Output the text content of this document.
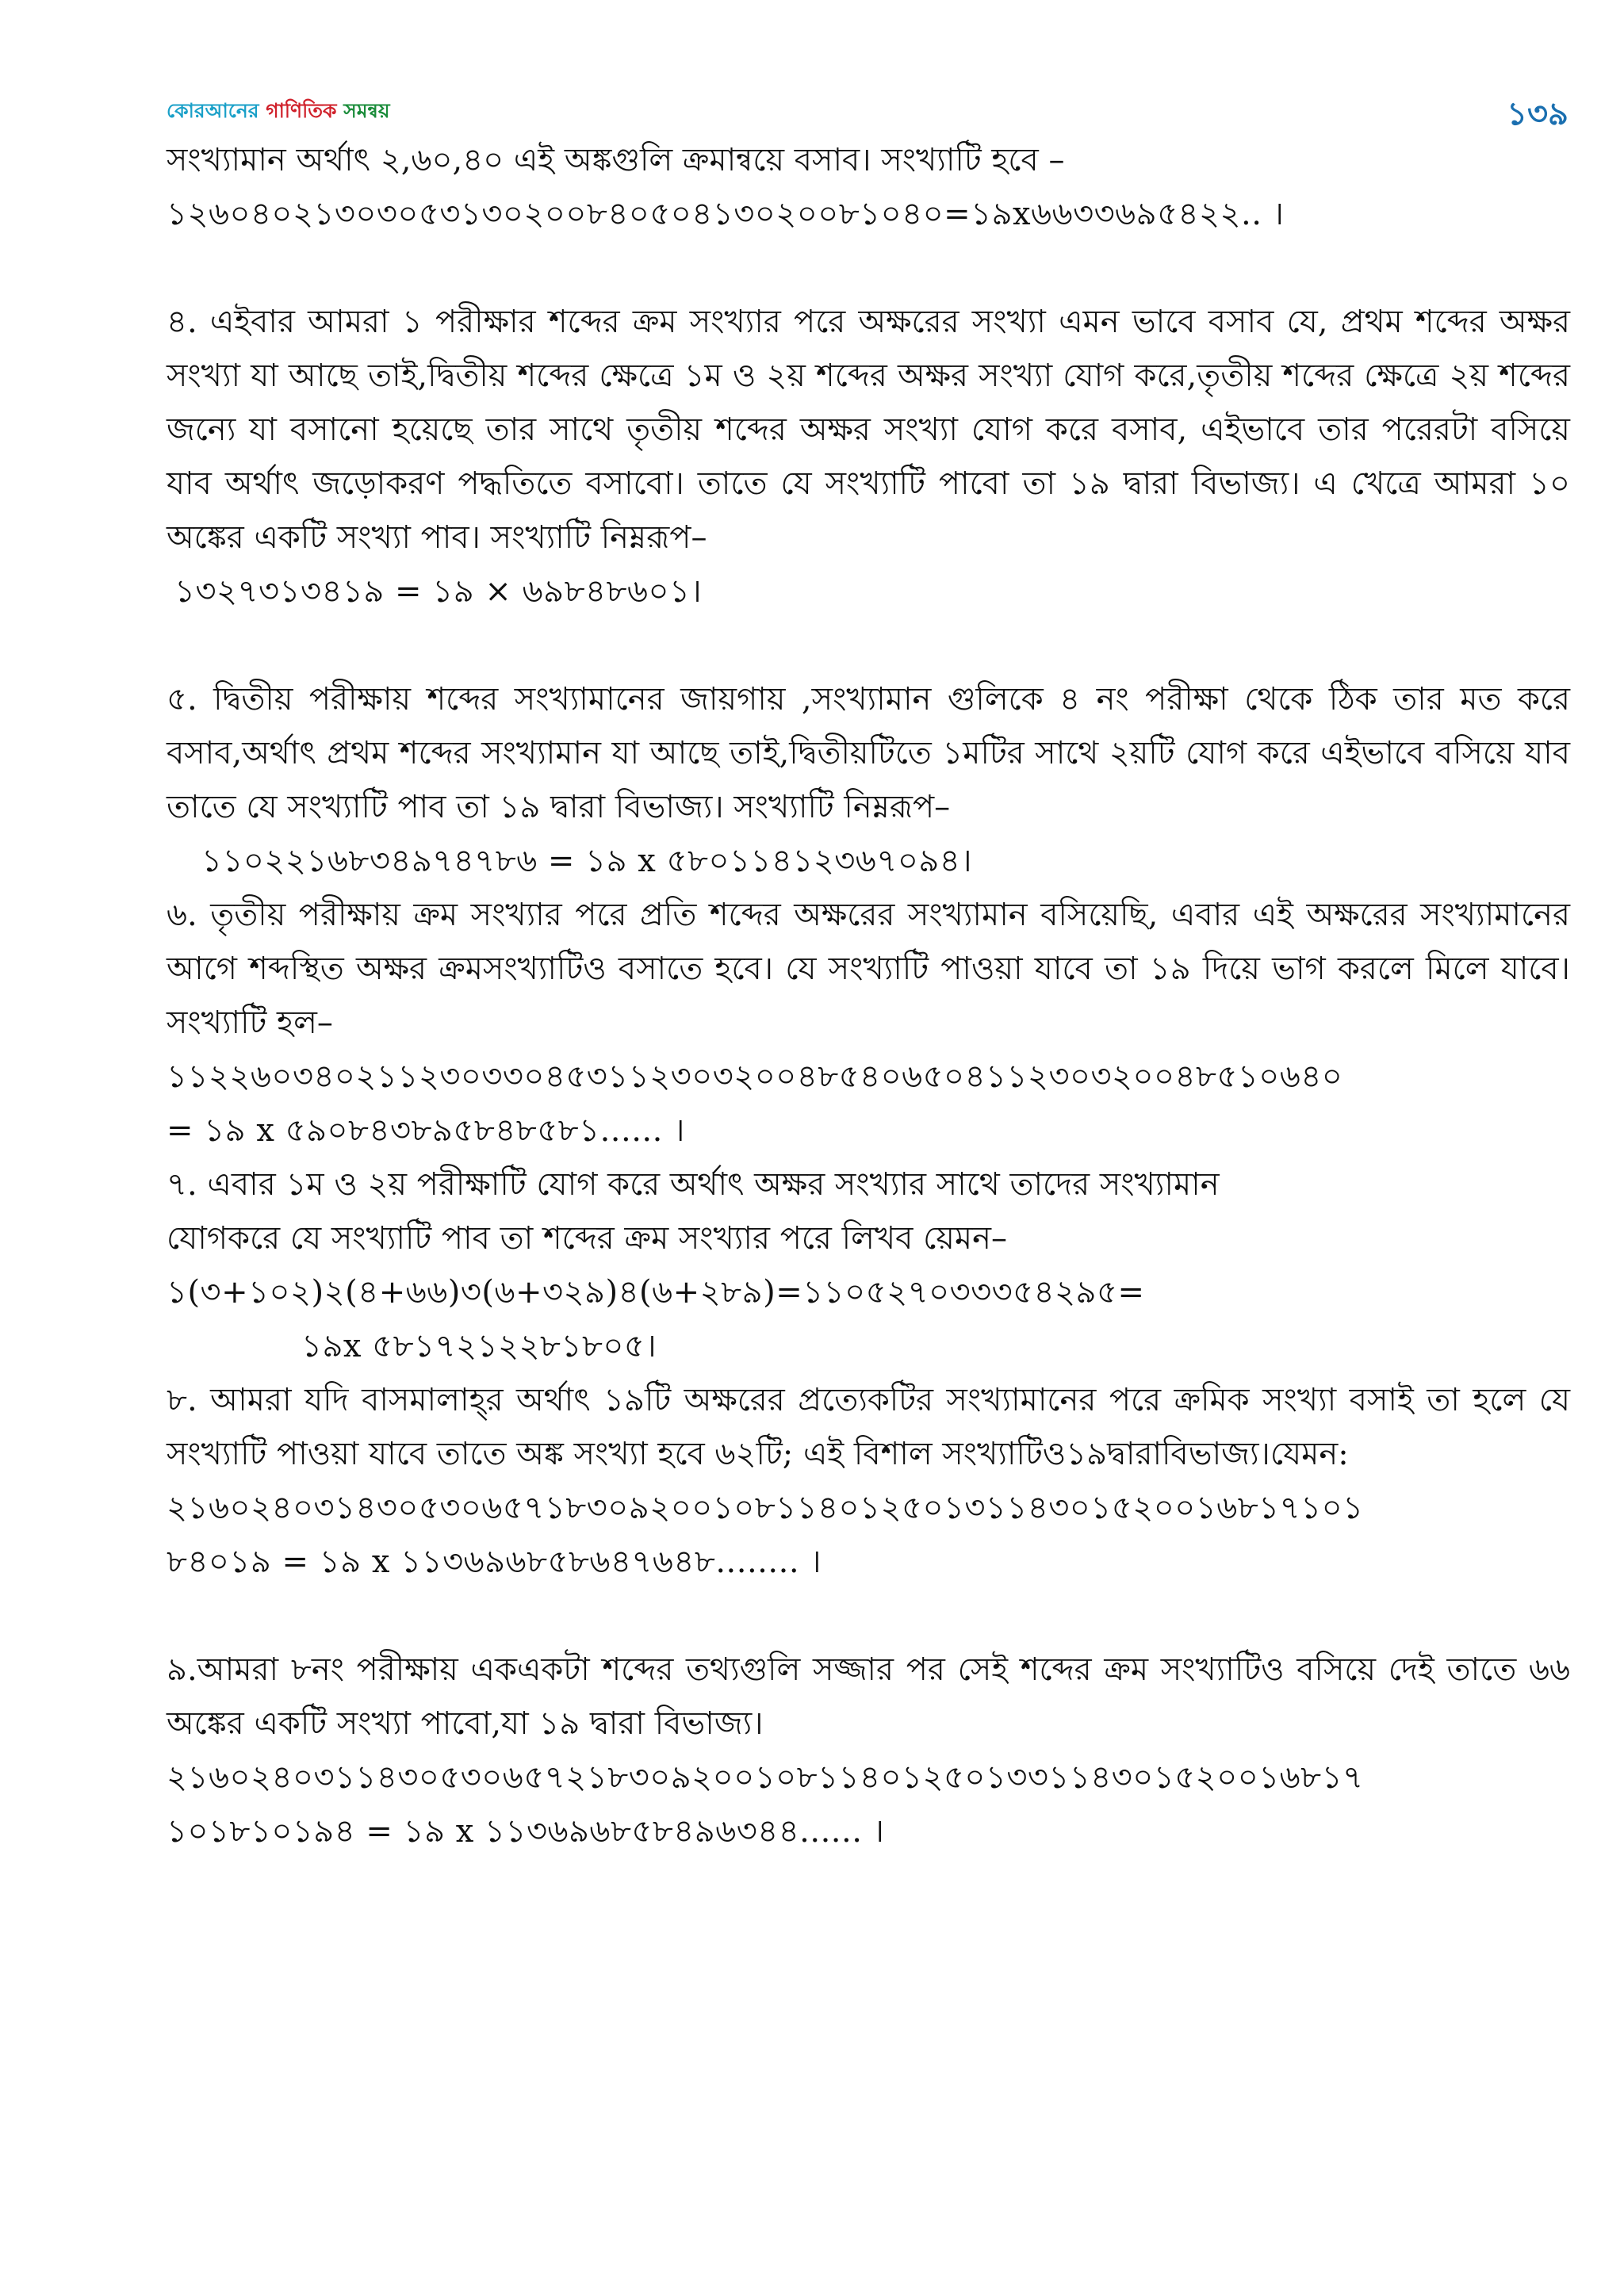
কোরআনের গাণিতিক সমন্বয়	১৩৯

সংখ্যামান অর্থাৎ ২,৬০,৪০ এই অঙ্কগুলি ক্রমান্বয়ে বসাব। সংখ্যাটি হবে –

১২৬০৪০২১৩০৩০৫৩১৩০২০০৮৪০৫০৪১৩০২০০৮১০৪০=১৯x৬৬৩৩৬৯৫৪২২.. ।

৪. এইবার আমরা ১ পরীক্ষার শব্দের ক্রম সংখ্যার পরে অক্ষরের সংখ্যা এমন ভাবে বসাব যে, প্রথম শব্দের অক্ষর সংখ্যা যা আছে তাই,দ্বিতীয় শব্দের ক্ষেত্রে ১ম ও ২য় শব্দের অক্ষর সংখ্যা যোগ করে,তৃতীয় শব্দের ক্ষেত্রে ২য় শব্দের জন্যে যা বসানো হয়েছে তার সাথে তৃতীয় শব্দের অক্ষর সংখ্যা যোগ করে বসাব, এইভাবে তার পরেরটা বসিয়ে যাব অর্থাৎ জড়োকরণ পদ্ধতিতে বসাবো। তাতে যে সংখ্যাটি পাবো তা ১৯ দ্বারা বিভাজ্য। এ খেত্রে আমরা ১০ অঙ্কের একটি সংখ্যা পাব। সংখ্যাটি নিম্নরূপ–

১৩২৭৩১৩৪১৯ = ১৯ × ৬৯৮৪৮৬০১।

৫. দ্বিতীয় পরীক্ষায় শব্দের সংখ্যামানের জায়গায় ,সংখ্যামান গুলিকে ৪ নং পরীক্ষা থেকে ঠিক তার মত করে বসাব,অর্থাৎ প্রথম শব্দের সংখ্যামান যা আছে তাই,দ্বিতীয়টিতে ১মটির সাথে ২য়টি যোগ করে এইভাবে বসিয়ে যাব তাতে যে সংখ্যাটি পাব তা ১৯ দ্বারা বিভাজ্য। সংখ্যাটি নিম্নরূপ–

১১০২২১৬৮৩৪৯৭৪৭৮৬ = ১৯ x ৫৮০১১৪১২৩৬৭০৯৪।

৬. তৃতীয় পরীক্ষায় ক্রম সংখ্যার পরে প্রতি শব্দের অক্ষরের সংখ্যামান বসিয়েছি, এবার এই অক্ষরের সংখ্যামানের আগে শব্দস্থিত অক্ষর ক্রমসংখ্যাটিও বসাতে হবে। যে সংখ্যাটি পাওয়া যাবে তা ১৯ দিয়ে ভাগ করলে মিলে যাবে। সংখ্যাটি হল–

১১২২৬০৩৪০২১১২৩০৩৩০৪৫৩১১২৩০৩২০০৪৮৫৪০৬৫০৪১১২৩০৩২০০৪৮৫১০৬৪০

= ১৯ x ৫৯০৮৪৩৮৯৫৮৪৮৫৮১...... ।

৭. এবার ১ম ও ২য় পরীক্ষাটি যোগ করে অর্থাৎ অক্ষর সংখ্যার সাথে তাদের সংখ্যামান

যোগকরে যে সংখ্যাটি পাব তা শব্দের ক্রম সংখ্যার পরে লিখব য়েমন–

১(৩+১০২)২(৪+৬৬)৩(৬+৩২৯)৪(৬+২৮৯)=১১০৫২৭০৩৩৩৫৪২৯৫=

১৯x ৫৮১৭২১২২৮১৮০৫।

৮. আমরা যদি বাসমালাহ্‌র অর্থাৎ ১৯টি অক্ষরের প্রত্যেকটির সংখ্যামানের পরে ক্রমিক সংখ্যা বসাই তা হলে যে সংখ্যাটি পাওয়া যাবে তাতে অঙ্ক সংখ্যা হবে ৬২টি; এই বিশাল সংখ্যাটিও১৯দ্বারাবিভাজ্য।যেমন:

২১৬০২৪০৩১৪৩০৫৩০৬৫৭১৮৩০৯২০০১০৮১১৪০১২৫০১৩১১৪৩০১৫২০০১৬৮১৭১০১

৮৪০১৯ = ১৯ x ১১৩৬৯৬৮৫৮৬৪৭৬৪৮........ ।

৯.আমরা ৮নং পরীক্ষায় একএকটা শব্দের তথ্যগুলি সজ্জার পর সেই শব্দের ক্রম সংখ্যাটিও বসিয়ে দেই তাতে ৬৬ অঙ্কের একটি সংখ্যা পাবো,যা ১৯ দ্বারা বিভাজ্য।

২১৬০২৪০৩১১৪৩০৫৩০৬৫৭২১৮৩০৯২০০১০৮১১৪০১২৫০১৩৩১১৪৩০১৫২০০১৬৮১৭

১০১৮১০১৯৪ = ১৯ x ১১৩৬৯৬৮৫৮৪৯৬৩৪৪...... ।
